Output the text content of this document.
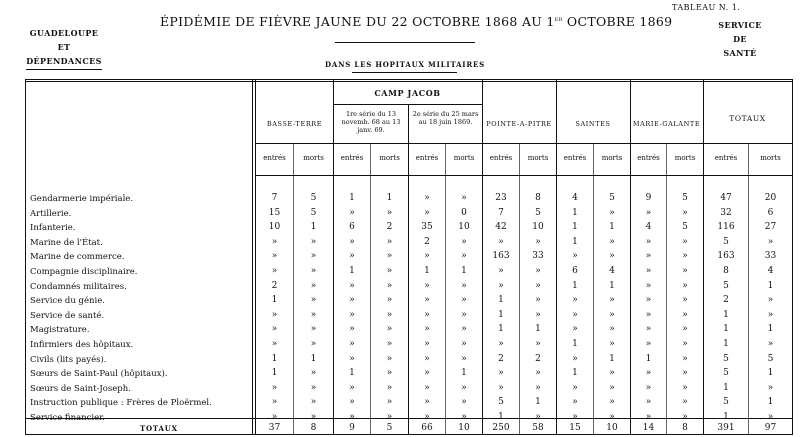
TABLEAU N. 1.
GUADELOUPE
ET
DÉPENDANCES
ÉPIDÉMIE DE FIÈVRE JAUNE DU 22 OCTOBRE 1868 AU 1er OCTOBRE 1869
DANS LES HOPITAUX MILITAIRES
SERVICE
DE
SANTÉ
BASSE-TERRE
CAMP JACOB
1re série du 13 novemb. 68 au 13 janv. 69.
2e série du 25 mars au 18 juin 1869.	POINTE-A-PITRE	SAINTES	MARIE-GALANTE
TOTAUX
entrés	morts	entrés	morts	entrés	morts	entrés	morts	entrés	morts	entrés	morts	entrés	morts
Gendarmerie impériale.	7	5	1	1	»	»	23	8	4	5	9	5	47	20
Artillerie.	15	5	»	»	»	0	7	5	1	»	»	»	32	6
Infanterie.	10	1	6	2	35	10	42	10	1	1	4	5	116	27
Marine de l'État.	»	»	»	»	2	»	»	»	1	»	»	»	5	»
Marine de commerce.	»	»	»	»	»	»	163	33	»	»	»	»	163	33
Compagnie disciplinaire.	»	»	1	»	1	1	»	»	6	4	»	»	8	4
Condamnés militaires.	2	»	»	»	»	»	»	»	1	1	»	»	5	1
Service du génie.	1	»	»	»	»	»	1	»	»	»	»	»	2	»
Service de santé.	»	»	»	»	»	»	1	»	»	»	»	»	1	»
Magistrature.	»	»	»	»	»	»	1	1	»	»	»	»	1	1
Infirmiers des hôpitaux.	»	»	»	»	»	»	»	»	1	»	»	»	1	»
Civils (lits payés).	1	1	»	»	»	»	2	2	»	1	1	»	5	5
Sœurs de Saint-Paul (hôpitaux).	1	»	1	»	»	1	»	»	1	»	»	»	5	1
Sœurs de Saint-Joseph.	»	»	»	»	»	»	»	»	»	»	»	»	1	»
Instruction publique : Frères de Ploërmel.	»	»	»	»	»	»	5	1	»	»	»	»	5	1
Service financier.	»	»	»	»	»	»	1	»	»	»	»	»	1	»
TOTAUX	37	8	9	5	66	10	250	58	15	10	14	8	391	97
